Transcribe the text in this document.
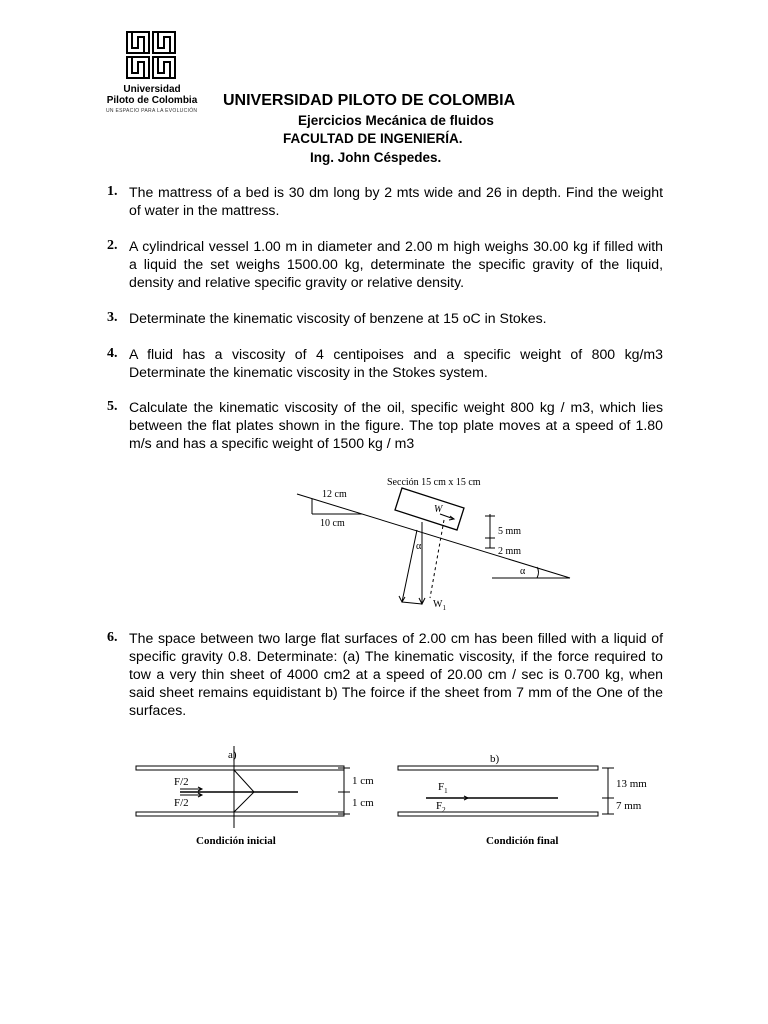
Universidad
Piloto de Colombia
UN ESPACIO PARA LA EVOLUCIÓN
UNIVERSIDAD PILOTO DE COLOMBIA
Ejercicios Mecánica de fluidos
FACULTAD DE INGENIERÍA.
Ing. John Céspedes.
1. The mattress of a bed is 30 dm long by 2 mts wide and 26 in depth. Find the weight of water in the mattress.
2. A cylindrical vessel 1.00 m in diameter and 2.00 m high weighs 30.00 kg if filled with a liquid the set weighs 1500.00 kg, determinate the specific gravity of the liquid, density and relative specific gravity or relative density.
3. Determinate the kinematic viscosity of benzene at 15 oC in Stokes.
4. A fluid has a viscosity of 4 centipoises and a specific weight of 800 kg/m3 Determinate the kinematic viscosity in the Stokes system.
5. Calculate the kinematic viscosity of the oil, specific weight 800 kg / m3, which lies between the flat plates shown in the figure. The top plate moves at a speed of 1.80 m/s and has a specific weight of 1500 kg / m3
Sección 15 cm x 15 cm
12 cm
10 cm
W
5 mm
2 mm
α
α
$W_1$
6. The space between two large flat surfaces of 2.00 cm has been filled with a liquid of specific gravity 0.8. Determinate: (a) The kinematic viscosity, if the force required to tow a very thin sheet of 4000 cm2 at a speed of 20.00 cm / sec is 0.700 kg, when said sheet remains equidistant b) The foirce if the sheet from 7 mm of the One of the surfaces.
a)
F/2
F/2
1 cm
1 cm
Condición inicial
b)
$F_1$
$F_2$
13 mm
7 mm
Condición final
